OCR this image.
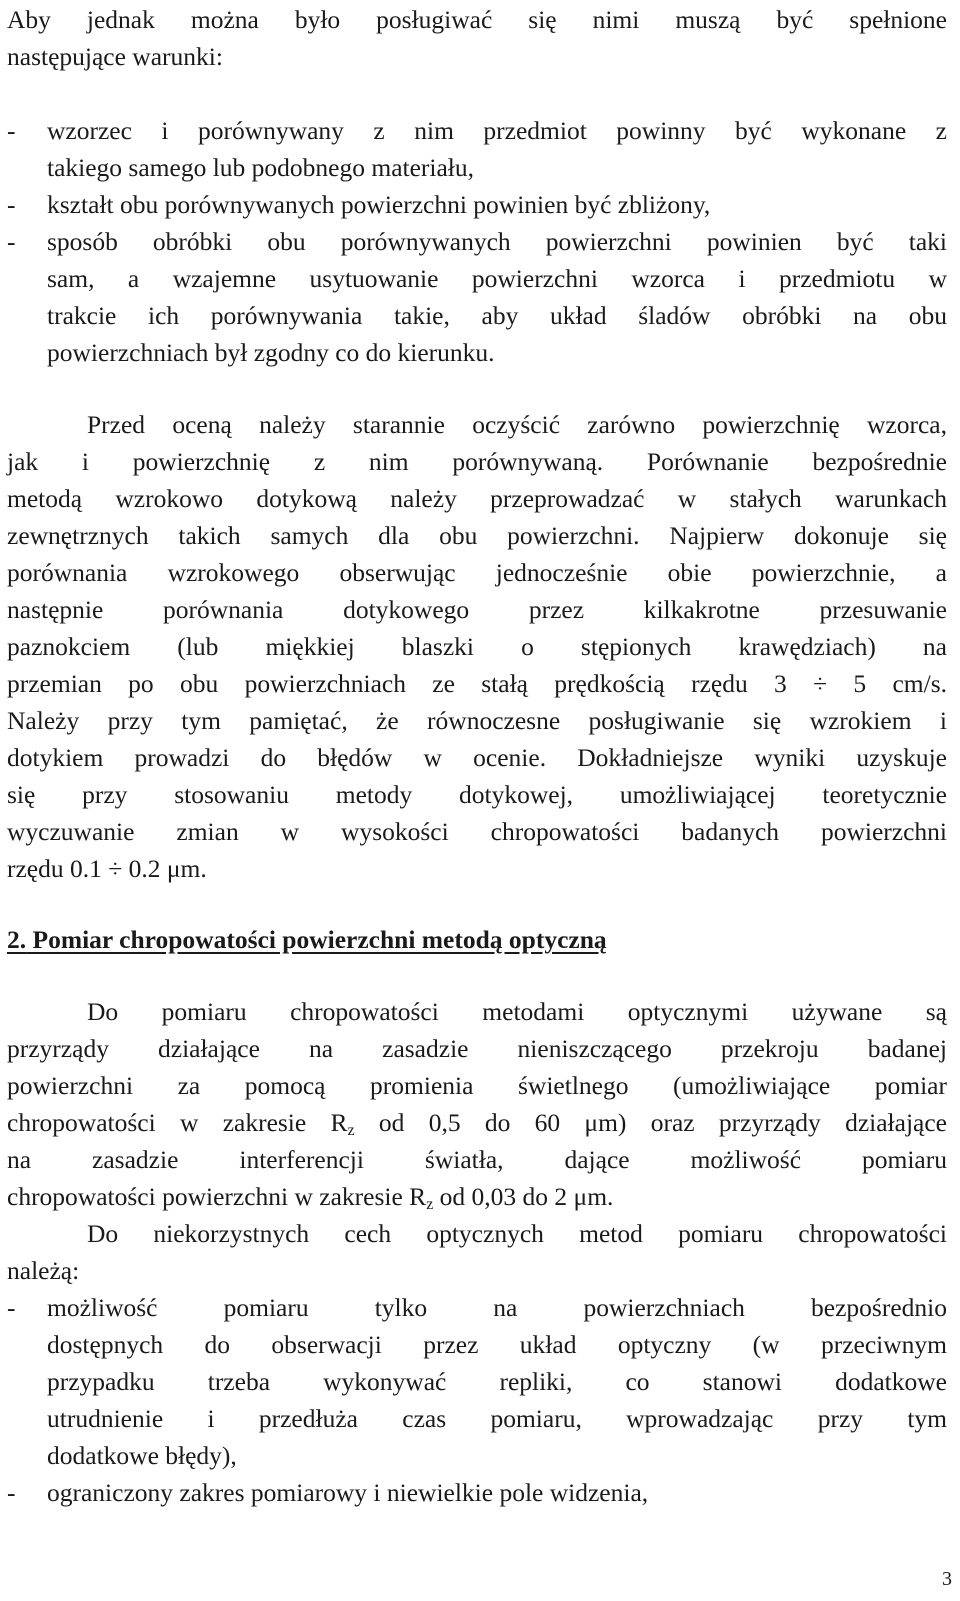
Aby jednak można było posługiwać się nimi muszą być spełnione
następujące warunki:
-	wzorzec i porównywany z nim przedmiot powinny być wykonane z
takiego samego lub podobnego materiału,
-	kształt obu porównywanych powierzchni powinien być zbliżony,
-	sposób obróbki obu porównywanych powierzchni powinien być taki
sam, a wzajemne usytuowanie powierzchni wzorca i przedmiotu w
trakcie ich porównywania takie, aby układ śladów obróbki na obu
powierzchniach był zgodny co do kierunku.
Przed oceną należy starannie oczyścić zarówno powierzchnię wzorca,
jak i powierzchnię z nim porównywaną. Porównanie bezpośrednie
metodą wzrokowo dotykową należy przeprowadzać w stałych warunkach
zewnętrznych takich samych dla obu powierzchni. Najpierw dokonuje się
porównania wzrokowego obserwując jednocześnie obie powierzchnie, a
następnie porównania dotykowego przez kilkakrotne przesuwanie
paznokciem (lub miękkiej blaszki o stępionych krawędziach) na
przemian po obu powierzchniach ze stałą prędkością rzędu 3 ÷ 5 cm/s.
Należy przy tym pamiętać, że równoczesne posługiwanie się wzrokiem i
dotykiem prowadzi do błędów w ocenie. Dokładniejsze wyniki uzyskuje
się przy stosowaniu metody dotykowej, umożliwiającej teoretycznie
wyczuwanie zmian w wysokości chropowatości badanych powierzchni
rzędu 0.1 ÷ 0.2 μm.
2. Pomiar chropowatości powierzchni metodą optyczną
Do pomiaru chropowatości metodami optycznymi używane są
przyrządy działające na zasadzie nieniszczącego przekroju badanej
powierzchni za pomocą promienia świetlnego (umożliwiające pomiar
chropowatości w zakresie $R_z$ od 0,5 do 60 μm) oraz przyrządy działające
na zasadzie interferencji światła, dające możliwość pomiaru
chropowatości powierzchni w zakresie $R_z$ od 0,03 do 2 μm.
Do niekorzystnych cech optycznych metod pomiaru chropowatości
należą:
-	możliwość pomiaru tylko na powierzchniach bezpośrednio
dostępnych do obserwacji przez układ optyczny (w przeciwnym
przypadku trzeba wykonywać repliki, co stanowi dodatkowe
utrudnienie i przedłuża czas pomiaru, wprowadzając przy tym
dodatkowe błędy),
-	ograniczony zakres pomiarowy i niewielkie pole widzenia,
3
